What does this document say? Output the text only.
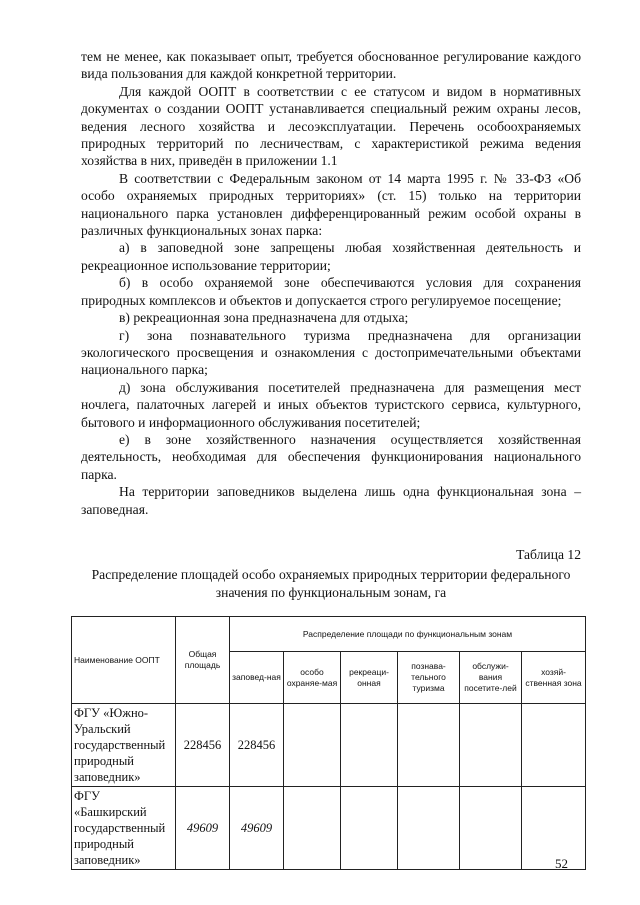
тем не менее, как показывает опыт, требуется обоснованное регулирование каждого вида пользования для каждой конкретной территории.

Для каждой ООПТ в соответствии с ее статусом и видом в нормативных документах о создании ООПТ устанавливается специальный режим охраны лесов, ведения лесного хозяйства и лесоэксплуатации. Перечень особоохраняемых природных территорий по лесничествам, с характеристикой режима ведения хозяйства в них, приведён в приложении 1.1

В соответствии с Федеральным законом от 14 марта 1995 г. № 33-ФЗ «Об особо охраняемых природных территориях» (ст. 15) только на территории национального парка установлен дифференцированный режим особой охраны в различных функциональных зонах парка:

а) в заповедной зоне запрещены любая хозяйственная деятельность и рекреационное использование территории;

б) в особо охраняемой зоне обеспечиваются условия для сохранения природных комплексов и объектов и допускается строго регулируемое посещение;

в) рекреационная зона предназначена для отдыха;

г) зона познавательного туризма предназначена для организации экологического просвещения и ознакомления с достопримечательными объектами национального парка;

д) зона обслуживания посетителей предназначена для размещения мест ночлега, палаточных лагерей и иных объектов туристского сервиса, культурного, бытового и информационного обслуживания посетителей;

е) в зоне хозяйственного назначения осуществляется хозяйственная деятельность, необходимая для обеспечения функционирования национального парка.

На территории заповедников выделена лишь одна функциональная зона – заповедная.

Таблица 12
Распределение площадей особо охраняемых природных территории федерального значения по функциональным зонам, га
Наименование ООПТ	Общая площадь	Распределение площади по функциональным зонам					
		заповед-ная	особо охраняе-мая	рекреаци-онная	познава-тельного туризма	обслужи-вания посетите-лей	хозяй-ственная зона
ФГУ «Южно-Уральский государственный природный заповедник»	228456	228456					
ФГУ «Башкирский государственный природный заповедник»	49609	49609					
52
